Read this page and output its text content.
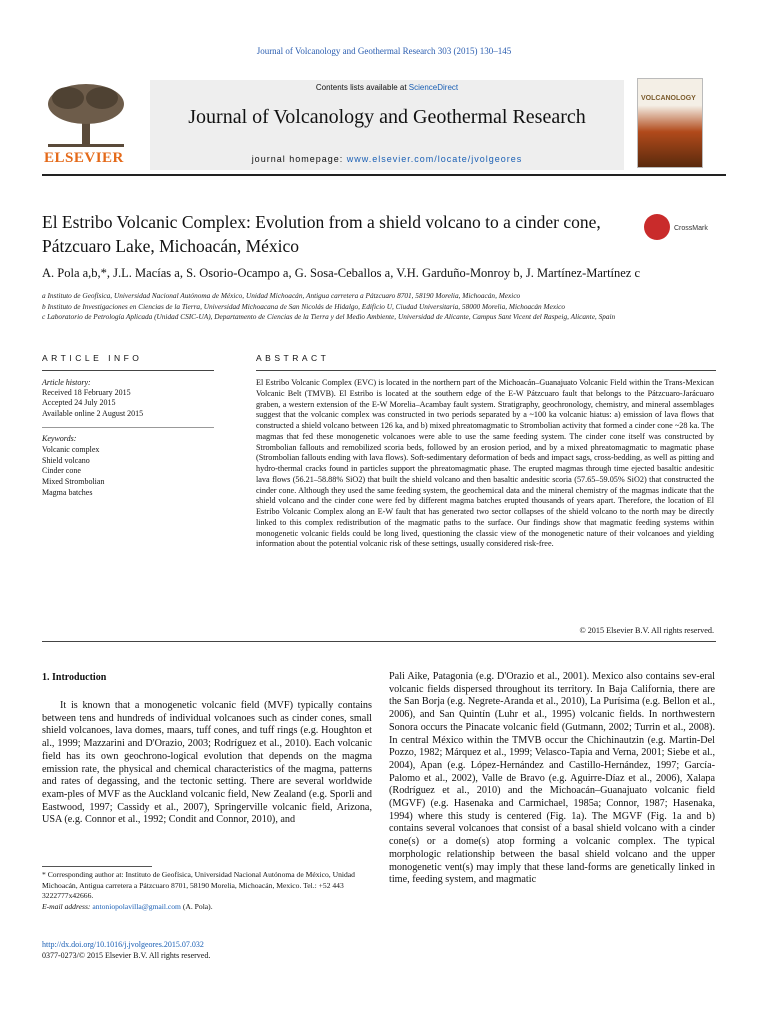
Journal of Volcanology and Geothermal Research 303 (2015) 130–145
ELSEVIER
Contents lists available at ScienceDirect
Journal of Volcanology and Geothermal Research
journal homepage: www.elsevier.com/locate/jvolgeores
VOLCANOLOGY
El Estribo Volcanic Complex: Evolution from a shield volcano to a cinder cone, Pátzcuaro Lake, Michoacán, México
CrossMark
A. Pola a,b,*, J.L. Macías a, S. Osorio-Ocampo a, G. Sosa-Ceballos a, V.H. Garduño-Monroy b, J. Martínez-Martínez c
a Instituto de Geofísica, Universidad Nacional Autónoma de México, Unidad Michoacán, Antigua carretera a Pátzcuaro 8701, 58190 Morelia, Michoacán, Mexico
b Instituto de Investigaciones en Ciencias de la Tierra, Universidad Michoacana de San Nicolás de Hidalgo, Edificio U, Ciudad Universitaria, 58000 Morelia, Michoacán Mexico
c Laboratorio de Petrología Aplicada (Unidad CSIC-UA), Departamento de Ciencias de la Tierra y del Medio Ambiente, Universidad de Alicante, Campus Sant Vicent del Raspeig, Alicante, Spain
ARTICLE INFO	ABSTRACT
Article history:
Received 18 February 2015
Accepted 24 July 2015
Available online 2 August 2015
Keywords:
Volcanic complex
Shield volcano
Cinder cone
Mixed Strombolian
Magma batches
El Estribo Volcanic Complex (EVC) is located in the northern part of the Michoacán–Guanajuato Volcanic Field within the Trans-Mexican Volcanic Belt (TMVB). El Estribo is located at the southern edge of the E-W Pátzcuaro fault that belongs to the Pátzcuaro-Jarácuaro graben, a western extension of the E-W Morelia–Acambay fault system. Stratigraphy, geochronology, chemistry, and mineral assemblages suggest that the volcanic complex was constructed in two periods separated by a ~100 ka volcanic hiatus: a) emission of lava flows that constructed a shield volcano between 126 ka, and b) mixed phreatomagmatic to Strombolian activity that formed a cinder cone ~28 ka. The magmas that fed these monogenetic volcanoes were able to use the same feeding system. The cinder cone itself was constructed by Strombolian fallouts and remobilized scoria beds, followed by an erosion period, and by a mixed phreatomagmatic to magmatic phase (Strombolian fallouts ending with lava flows). Soft-sedimentary deformation of beds and impact sags, cross-bedding, as well as pitting and hydro-thermal cracks found in particles support the phreatomagmatic phase. The erupted magmas through time ejected basaltic andesitic lava flows (56.21–58.88% SiO2) that built the shield volcano and then basaltic andesitic scoria (57.65–59.05% SiO2) that constructed the cinder cone. Although they used the same feeding system, the geochemical data and the mineral chemistry of the magmas indicate that the shield volcano and the cinder cone were fed by different magma batches erupted thousands of years apart. Therefore, the location of El Estribo Volcanic Complex along an E-W fault that has generated two sector collapses of the shield volcano to the north may be directly linked to this complex redistribution of the magmatic paths to the surface. Our findings show that magmatic feeding systems within monogenetic volcanic fields could be long lived, questioning the classic view of the monogenetic nature of their volcanoes and yielding information about the potential volcanic risk of these settings, usually considered risk-free.
© 2015 Elsevier B.V. All rights reserved.
1. Introduction
It is known that a monogenetic volcanic field (MVF) typically contains between tens and hundreds of individual volcanoes such as cinder cones, small shield volcanoes, lava domes, maars, tuff cones, and tuff rings (e.g. Houghton et al., 1999; Mazzarini and D'Orazio, 2003; Rodríguez et al., 2010). Each volcanic field has its own geochrono-logical evolution that depends on the magma emission rate, the physical and chemical characteristics of the magma, patterns and rates of degassing, and the tectonic setting. There are several worldwide exam-ples of MVF as the Auckland volcanic field, New Zealand (e.g. Sporli and Eastwood, 1997; Cassidy et al., 2007), Springerville volcanic field, Arizona, USA (e.g. Connor et al., 1992; Condit and Connor, 2010), and
Pali Aike, Patagonia (e.g. D'Orazio et al., 2001). Mexico also contains sev-eral volcanic fields dispersed throughout its territory. In Baja California, there are the San Borja (e.g. Negrete-Aranda et al., 2010), La Purísima (e.g. Bellon et al., 2006), and San Quintín (Luhr et al., 1995) volcanic fields. In northwestern Sonora occurs the Pinacate volcanic field (Gutmann, 2002; Turrin et al., 2008). In central México within the TMVB occur the Chichinautzin (e.g. Martin-Del Pozzo, 1982; Márquez et al., 1999; Velasco-Tapia and Verna, 2001; Siebe et al., 2004), Apan (e.g. López-Hernández and Castillo-Hernández, 1997; García-Palomo et al., 2002), Valle de Bravo (e.g. Aguirre-Díaz et al., 2006), Xalapa (Rodríguez et al., 2010) and the Michoacán–Guanajuato volcanic field (MGVF) (e.g. Hasenaka and Carmichael, 1985a; Connor, 1987; Hasenaka, 1994) where this study is centered (Fig. 1a). The MGVF (Fig. 1a and b) contains several volcanoes that consist of a basal shield volcano with a cinder cone(s) or a dome(s) atop forming a volcanic complex. The typical morphologic relationship between the basal shield volcano and the upper monogenetic vent(s) may imply that these land-forms are genetically linked in time, feeding system, and magmatic
* Corresponding author at: Instituto de Geofísica, Universidad Nacional Autónoma de México, Unidad Michoacán, Antigua carretera a Pátzcuaro 8701, 58190 Morelia, Michoacán, Mexico. Tel.: +52 443 3222777x42666.
E-mail address: antoniopolavilla@gmail.com (A. Pola).
http://dx.doi.org/10.1016/j.jvolgeores.2015.07.032
0377-0273/© 2015 Elsevier B.V. All rights reserved.
